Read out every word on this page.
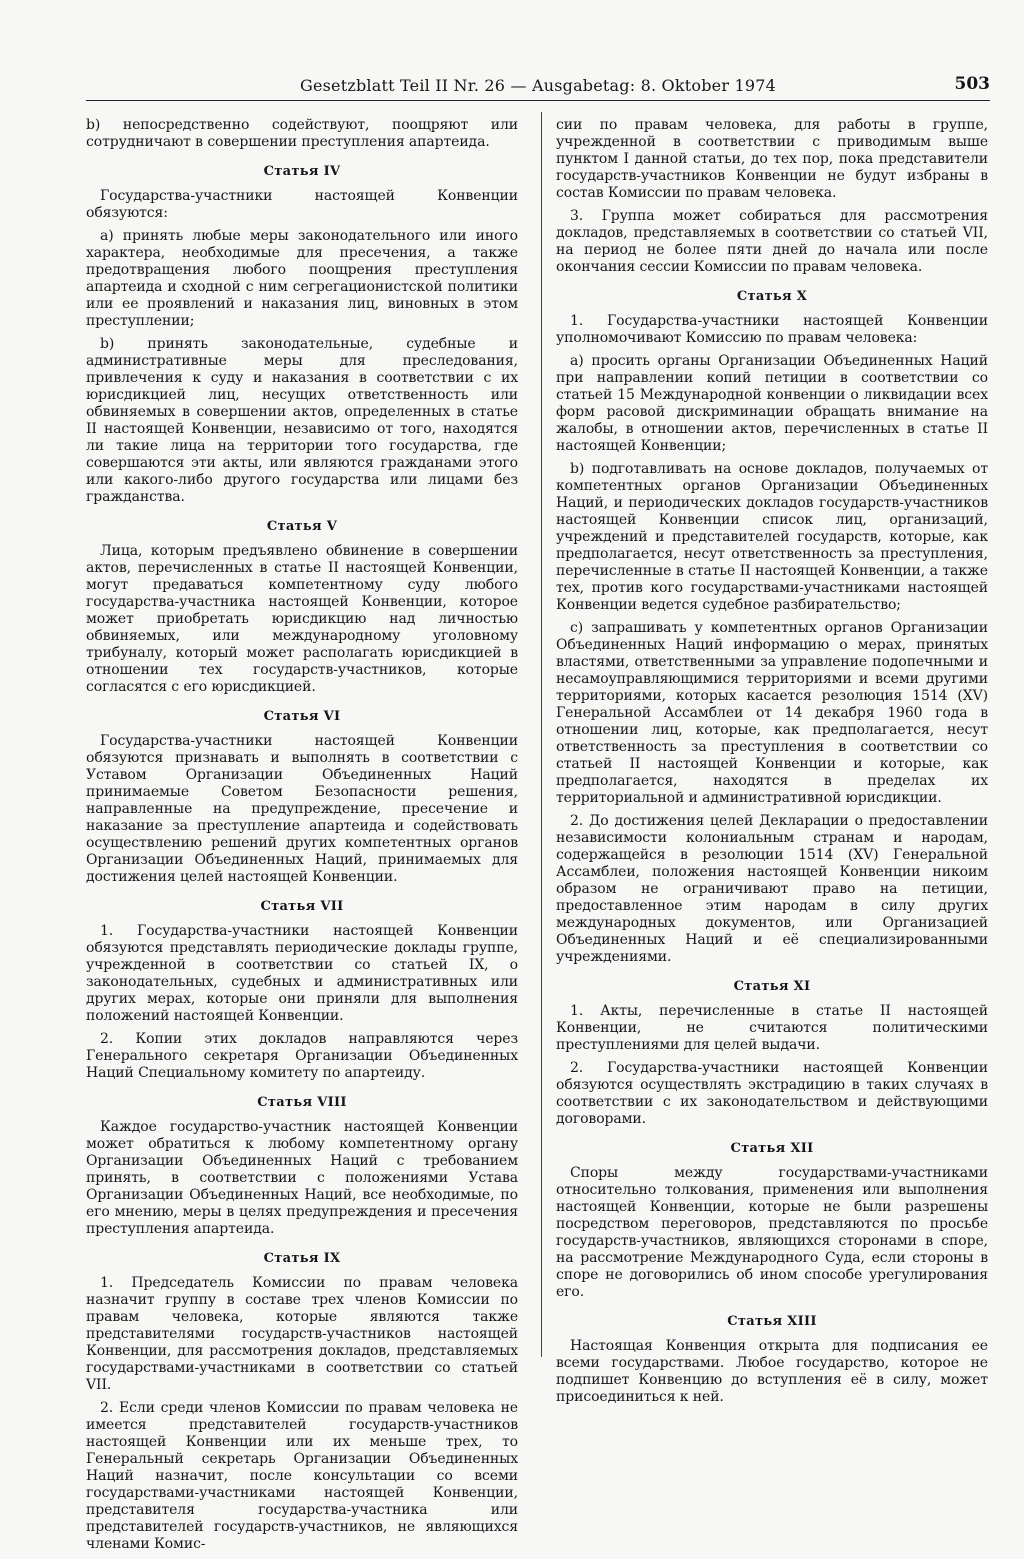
Gesetzblatt Teil II Nr. 26 — Ausgabetag: 8. Oktober 1974	503

b) непосредственно содействуют, поощряют или сотрудничают в совершении преступления апартеида.

Статья IV

Государства-участники настоящей Конвенции обязуются:

а) принять любые меры законодательного или иного характера, необходимые для пресечения, а также предотвращения любого поощрения преступления апартеида и сходной с ним сегрегационистской политики или ее проявлений и наказания лиц, виновных в этом преступлении;

b) принять законодательные, судебные и административные меры для преследования, привлечения к суду и наказания в соответствии с их юрисдикцией лиц, несущих ответственность или обвиняемых в совершении актов, определенных в статье II настоящей Конвенции, независимо от того, находятся ли такие лица на территории того государства, где совершаются эти акты, или являются гражданами этого или какого-либо другого государства или лицами без гражданства.

Статья V

Лица, которым предъявлено обвинение в совершении актов, перечисленных в статье II настоящей Конвенции, могут предаваться компетентному суду любого государства-участника настоящей Конвенции, которое может приобретать юрисдикцию над личностью обвиняемых, или международному уголовному трибуналу, который может располагать юрисдикцией в отношении тех государств-участников, которые согласятся с его юрисдикцией.

Статья VI

Государства-участники настоящей Конвенции обязуются признавать и выполнять в соответствии с Уставом Организации Объединенных Наций принимаемые Советом Безопасности решения, направленные на предупреждение, пресечение и наказание за преступление апартеида и содействовать осуществлению решений других компетентных органов Организации Объединенных Наций, принимаемых для достижения целей настоящей Конвенции.

Статья VII

1. Государства-участники настоящей Конвенции обязуются представлять периодические доклады группе, учрежденной в соответствии со статьей IX, о законодательных, судебных и административных или других мерах, которые они приняли для выполнения положений настоящей Конвенции.

2. Копии этих докладов направляются через Генерального секретаря Организации Объединенных Наций Специальному комитету по апартеиду.

Статья VIII

Каждое государство-участник настоящей Конвенции может обратиться к любому компетентному органу Организации Объединенных Наций с требованием принять, в соответствии с положениями Устава Организации Объединенных Наций, все необходимые, по его мнению, меры в целях предупреждения и пресечения преступления апартеида.

Статья IX

1. Председатель Комиссии по правам человека назначит группу в составе трех членов Комиссии по правам человека, которые являются также представителями государств-участников настоящей Конвенции, для рассмотрения докладов, представляемых государствами-участниками в соответствии со статьей VII.

2. Если среди членов Комиссии по правам человека не имеется представителей государств-участников настоящей Конвенции или их меньше трех, то Генеральный секретарь Организации Объединенных Наций назначит, после консультации со всеми государствами-участниками настоящей Конвенции, представителя государства-участника или представителей государств-участников, не являющихся членами Комис-

сии по правам человека, для работы в группе, учрежденной в соответствии с приводимым выше пунктом I данной статьи, до тех пор, пока представители государств-участников Конвенции не будут избраны в состав Комиссии по правам человека.

3. Группа может собираться для рассмотрения докладов, представляемых в соответствии со статьей VII, на период не более пяти дней до начала или после окончания сессии Комиссии по правам человека.

Статья X

1. Государства-участники настоящей Конвенции уполномочивают Комиссию по правам человека:

а) просить органы Организации Объединенных Наций при направлении копий петиции в соответствии со статьей 15 Международной конвенции о ликвидации всех форм расовой дискриминации обращать внимание на жалобы, в отношении актов, перечисленных в статье II настоящей Конвенции;

b) подготавливать на основе докладов, получаемых от компетентных органов Организации Объединенных Наций, и периодических докладов государств-участников настоящей Конвенции список лиц, организаций, учреждений и представителей государств, которые, как предполагается, несут ответственность за преступления, перечисленные в статье II настоящей Конвенции, а также тех, против кого государствами-участниками настоящей Конвенции ведется судебное разбирательство;

с) запрашивать у компетентных органов Организации Объединенных Наций информацию о мерах, принятых властями, ответственными за управление подопечными и несамоуправляющимися территориями и всеми другими территориями, которых касается резолюция 1514 (XV) Генеральной Ассамблеи от 14 декабря 1960 года в отношении лиц, которые, как предполагается, несут ответственность за преступления в соответствии со статьей II настоящей Конвенции и которые, как предполагается, находятся в пределах их территориальной и административной юрисдикции.

2. До достижения целей Декларации о предоставлении независимости колониальным странам и народам, содержащейся в резолюции 1514 (XV) Генеральной Ассамблеи, положения настоящей Конвенции никоим образом не ограничивают право на петиции, предоставленное этим народам в силу других международных документов, или Организацией Объединенных Наций и её специализированными учреждениями.

Статья XI

1. Акты, перечисленные в статье II настоящей Конвенции, не считаются политическими преступлениями для целей выдачи.

2. Государства-участники настоящей Конвенции обязуются осуществлять экстрадицию в таких случаях в соответствии с их законодательством и действующими договорами.

Статья XII

Споры между государствами-участниками относительно толкования, применения или выполнения настоящей Конвенции, которые не были разрешены посредством переговоров, представляются по просьбе государств-участников, являющихся сторонами в споре, на рассмотрение Международного Суда, если стороны в споре не договорились об ином способе урегулирования его.

Статья XIII

Настоящая Конвенция открыта для подписания ее всеми государствами. Любое государство, которое не подпишет Конвенцию до вступления её в силу, может присоединиться к ней.
